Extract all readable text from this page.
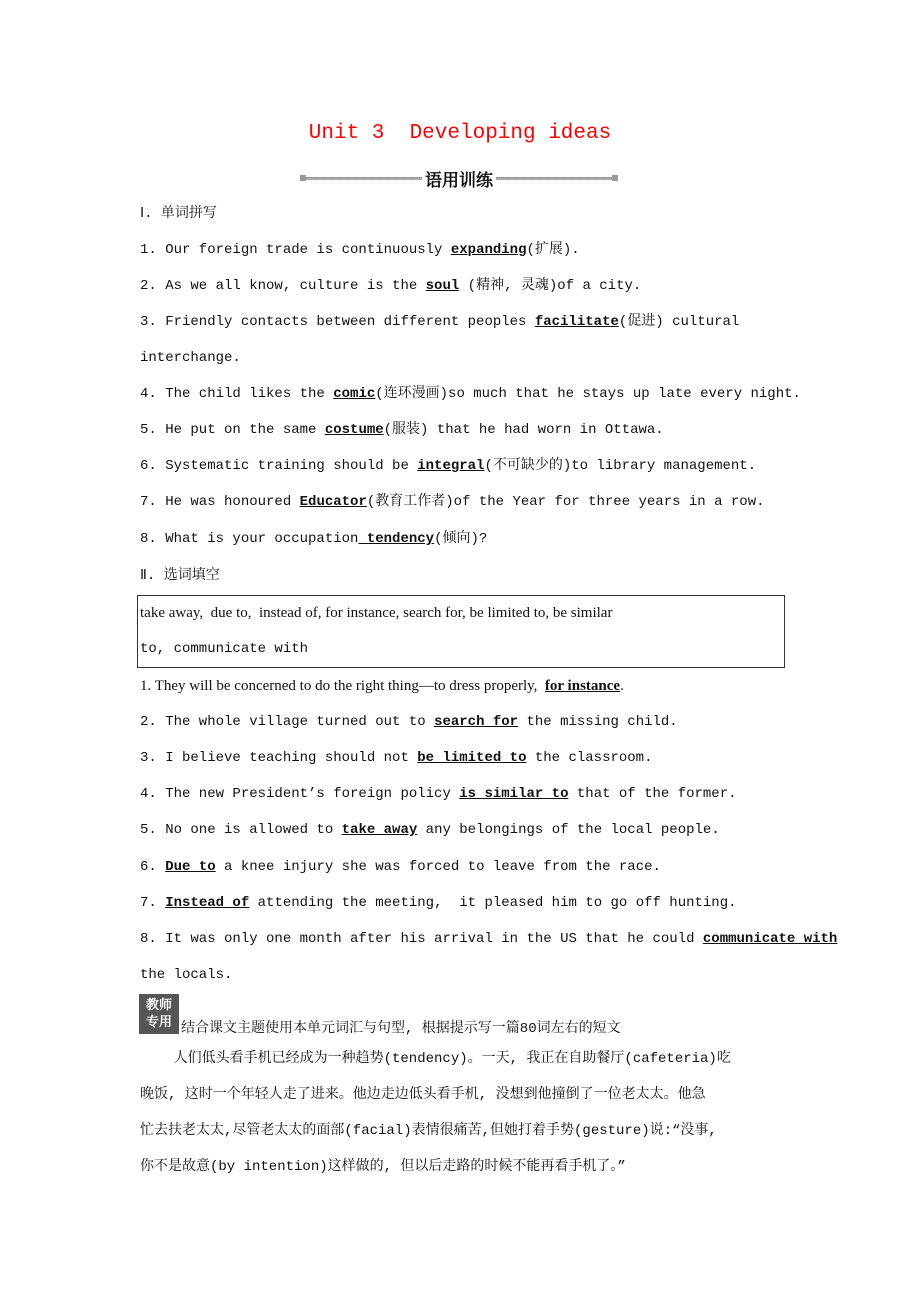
Unit 3  Developing ideas
语用训练
Ⅰ. 单词拼写
1. Our foreign trade is continuously expanding(扩展).
2. As we all know, culture is the soul (精神, 灵魂)of a city.
3. Friendly contacts between different peoples facilitate(促进) cultural
4. The child likes the comic(连环漫画)so much that he stays up late every night.
5. He put on the same costume(服装) that he had worn in Ottawa.
6. Systematic training should be integral(不可缺少的)to library management.
7. He was honoured Educator(教育工作者)of the Year for three years in a row.
8. What is your occupation tendency(倾向)?
interchange.
Ⅱ. 选词填空
take away,  due to,  instead of, for instance, search for, be limited to, be similar
to, communicate with
1. They will be concerned to do the right thing—to dress properly,  for instance.
2. The whole village turned out to search for the missing child.
3. I believe teaching should not be limited to the classroom.
4. The new President’s foreign policy is similar to that of the former.
5. No one is allowed to take away any belongings of the local people.
6. Due to a knee injury she was forced to leave from the race.
7. Instead of attending the meeting,  it pleased him to go off hunting.
8. It was only one month after his arrival in the US that he could communicate with
the locals.
教师
专用 结合课文主题使用本单元词汇与句型, 根据提示写一篇80词左右的短文
人们低头看手机已经成为一种趋势(tendency)。一天, 我正在自助餐厅(cafeteria)吃
晚饭, 这时一个年轻人走了进来。他边走边低头看手机, 没想到他撞倒了一位老太太。他急
忙去扶老太太,尽管老太太的面部(facial)表情很痛苦,但她打着手势(gesture)说:“没事,
你不是故意(by intention)这样做的, 但以后走路的时候不能再看手机了。”
